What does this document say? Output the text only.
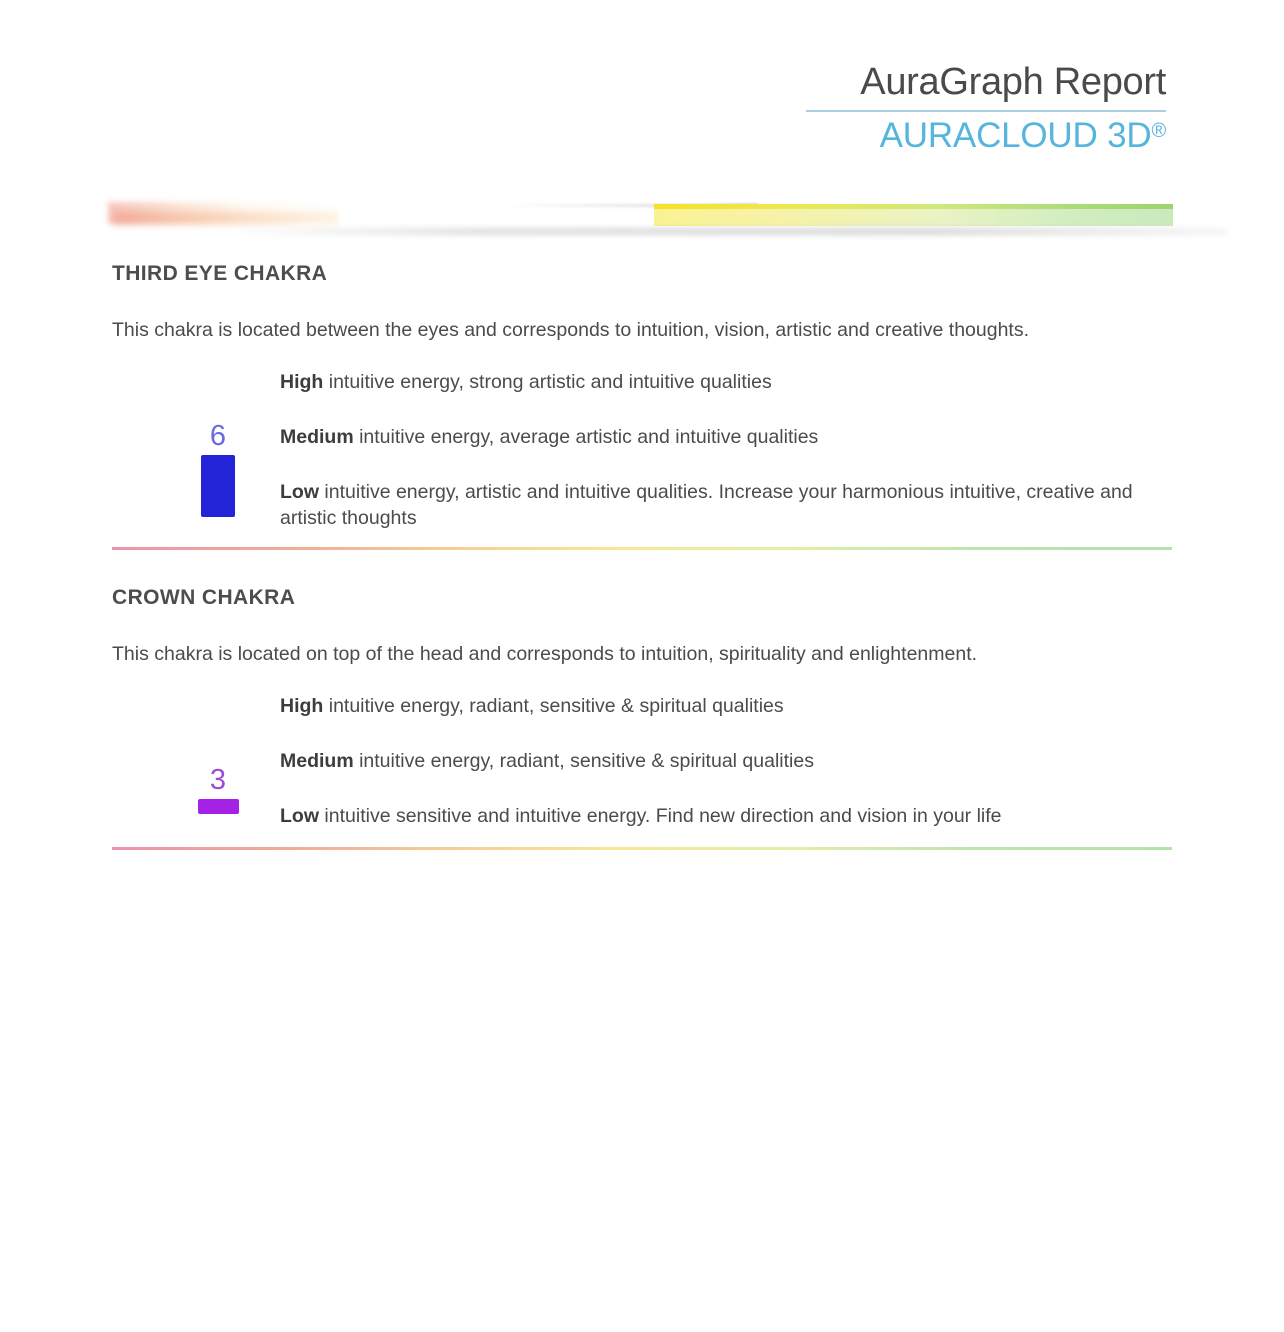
AuraGraph Report
AURACLOUD 3D®
THIRD EYE CHAKRA
This chakra is located between the eyes and corresponds to intuition, vision, artistic and creative thoughts.
6
High intuitive energy, strong artistic and intuitive qualities
Medium intuitive energy, average artistic and intuitive qualities
Low intuitive energy, artistic and intuitive qualities. Increase your harmonious intuitive, creative and artistic thoughts
CROWN CHAKRA
This chakra is located on top of the head and corresponds to intuition, spirituality and enlightenment.
3
High intuitive energy, radiant, sensitive & spiritual qualities
Medium intuitive energy, radiant, sensitive & spiritual qualities
Low intuitive sensitive and intuitive energy. Find new direction and vision in your life
